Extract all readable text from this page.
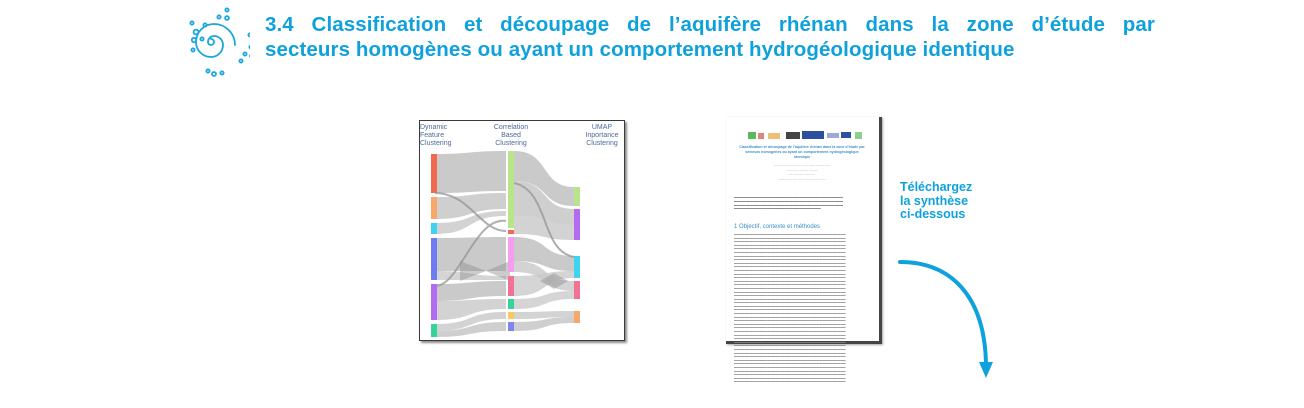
3.4 Classification et découpage de l’aquifère rhénan dans la zone d’étude par
secteurs homogènes ou ayant un comportement hydrogéologique identique
Dynamic
Feature
Clustering
Correlation
Based
Clustering
UMAP
Inportance
Clustering	Classification et découpage de l’aquifère rhénan dans la zone d’étude par secteurs homogènes ou ayant un comportement hydrogéologique identique
_____ ____ _____ ___ _____ ____ ______ ____
_____ ___ ______ ______
___ _______ ____ ___
_____ ____ ___ ____ ______ ____ ____
▬▬▬▬▬▬▬▬▬▬▬▬▬▬▬▬▬▬▬▬▬▬▬▬▬▬▬▬▬▬▬▬▬▬▬▬▬▬▬ ▬▬▬▬▬▬▬▬▬▬▬▬▬▬▬▬▬▬▬▬▬▬▬▬▬▬▬▬▬▬▬▬▬▬▬▬▬▬▬ ▬▬▬▬▬▬▬▬▬▬▬▬▬▬▬▬▬▬▬▬▬▬▬▬▬▬▬▬▬▬▬▬▬▬▬▬▬▬▬ ▬▬▬▬▬▬▬▬▬▬▬▬▬▬▬▬▬▬▬▬▬▬▬▬▬▬▬▬▬▬▬
1 Objectif, contexte et méthodes
▬▬▬▬▬▬▬▬▬▬▬▬▬▬▬▬▬▬▬▬▬▬▬▬▬▬▬▬▬▬▬▬▬▬▬▬▬▬▬▬▬▬▬ ▬▬▬▬▬▬▬▬▬▬▬▬▬▬▬▬▬▬▬▬▬▬▬▬▬▬▬▬▬▬▬▬▬▬▬▬▬▬▬▬▬▬▬ ▬▬▬▬▬▬▬▬▬▬▬▬▬▬▬▬▬▬▬▬▬▬▬▬▬▬▬▬▬▬▬▬▬▬▬▬▬▬▬▬▬▬▬ ▬▬▬▬▬▬▬▬▬▬▬▬▬▬▬▬▬▬▬▬▬▬▬▬▬▬▬▬▬▬▬▬▬▬▬▬▬▬▬▬▬▬▬ ▬▬▬▬▬▬▬▬▬▬▬▬▬▬▬▬▬▬▬▬▬▬▬▬▬▬▬▬▬▬▬▬▬▬▬▬▬▬▬▬▬▬▬ ▬▬▬▬▬▬▬▬▬▬▬▬▬▬▬▬▬▬▬▬▬▬▬▬▬▬▬▬▬▬▬▬▬▬▬▬▬▬▬▬▬▬▬ ▬▬▬▬▬▬▬▬▬▬▬▬▬▬▬▬▬▬▬▬▬▬▬▬▬▬▬▬▬▬▬▬▬▬▬▬▬▬▬▬▬▬▬ ▬▬▬▬▬▬▬▬▬▬▬▬▬▬▬▬▬▬▬▬▬▬▬▬▬▬▬▬▬▬▬▬▬▬▬▬▬▬▬▬▬▬▬ ▬▬▬▬▬▬▬▬▬▬▬▬▬▬▬▬▬▬▬▬▬▬▬▬▬▬▬▬▬▬▬▬▬▬▬▬▬▬▬▬▬▬▬ ▬▬▬▬▬▬▬▬▬▬▬▬▬▬▬▬▬▬▬▬▬▬▬▬▬▬▬▬▬▬▬▬▬▬▬▬▬▬▬▬▬▬▬ ▬▬▬▬▬▬▬▬▬▬▬▬▬▬▬▬▬▬▬▬▬▬▬▬▬▬▬▬▬▬▬▬▬▬▬▬▬▬▬▬▬▬▬ ▬▬▬▬▬▬▬▬▬▬▬▬▬▬▬▬▬▬▬▬▬▬▬▬▬▬▬▬▬▬▬▬▬▬▬▬▬▬▬▬▬▬▬ ▬▬▬▬▬▬▬▬▬▬▬▬▬▬▬▬▬▬▬▬▬▬▬▬▬▬▬▬▬▬▬▬▬▬▬▬▬▬▬▬▬▬▬ ▬▬▬▬▬▬▬▬▬▬▬▬▬▬▬▬▬▬▬▬▬▬▬▬▬▬▬▬▬▬▬▬▬▬▬▬▬▬▬▬▬▬▬ ▬▬▬▬▬▬▬▬▬▬▬▬▬▬▬▬▬▬▬▬▬▬▬▬▬▬▬▬▬▬▬▬▬▬▬▬▬▬▬▬▬▬▬ ▬▬▬▬▬▬▬▬▬▬▬▬▬▬▬▬▬▬▬▬▬▬▬▬▬▬▬▬▬▬▬▬▬▬▬▬▬▬▬▬▬▬▬ ▬▬▬▬▬▬▬▬▬▬▬▬▬▬▬▬▬▬▬▬▬▬▬▬▬▬▬▬▬▬▬▬▬▬▬▬▬▬▬▬▬▬▬ ▬▬▬▬▬▬▬▬▬▬▬▬▬▬▬▬▬▬▬▬▬▬▬▬▬▬▬▬▬▬▬▬▬▬▬▬▬▬▬▬▬▬▬ ▬▬▬▬▬▬▬▬▬▬▬▬▬▬▬▬▬▬▬▬▬▬▬▬▬▬▬▬▬▬▬▬▬▬▬▬▬▬▬▬▬▬▬ ▬▬▬▬▬▬▬▬▬▬▬▬▬▬▬▬▬▬▬▬▬▬▬▬▬▬▬▬▬▬▬▬▬▬▬▬▬▬▬▬▬▬▬ ▬▬▬▬▬▬▬▬▬▬▬▬▬▬▬▬▬▬▬▬▬▬▬▬▬▬▬▬▬▬▬▬▬▬▬▬▬▬▬▬▬▬▬ ▬▬▬▬▬▬▬▬▬▬▬▬▬▬▬▬▬▬▬▬▬▬▬▬▬▬▬▬▬▬▬▬▬▬▬▬▬▬▬▬▬▬▬ ▬▬▬▬▬▬▬▬▬▬▬▬▬▬▬▬▬▬▬▬▬▬▬▬▬▬▬▬▬▬▬▬▬▬▬▬▬▬▬▬▬▬▬ ▬▬▬▬▬▬▬▬▬▬▬▬▬▬▬▬▬▬▬▬▬▬▬▬▬▬▬▬▬▬▬▬▬▬▬▬▬▬▬▬▬▬▬ ▬▬▬▬▬▬▬▬▬▬▬▬▬▬▬▬▬▬▬▬▬▬▬▬▬▬▬▬▬▬▬▬▬▬▬▬▬▬▬▬▬▬▬ ▬▬▬▬▬▬▬▬▬▬▬▬▬▬▬▬▬▬▬▬▬▬▬▬▬▬▬▬▬▬▬▬▬▬▬▬▬▬▬▬▬▬▬ ▬▬▬▬▬▬▬▬▬▬▬▬▬▬▬▬▬▬▬▬▬▬▬▬▬▬▬▬▬▬▬▬▬▬▬▬▬▬▬▬▬▬▬ ▬▬▬▬▬▬▬▬▬▬▬▬▬▬▬▬▬▬▬▬▬▬▬▬▬▬▬▬▬▬▬▬▬▬▬▬▬▬▬▬▬▬▬ ▬▬▬▬▬▬▬▬▬▬▬▬▬▬▬▬▬▬▬▬▬▬▬▬▬▬▬▬▬▬▬▬▬▬▬▬▬▬▬▬▬▬▬ ▬▬▬▬▬▬▬▬▬▬▬▬▬▬▬▬▬▬▬▬▬▬▬▬▬▬▬▬▬▬▬▬▬▬▬▬▬▬▬▬▬▬▬ ▬▬▬▬▬▬▬▬▬▬▬▬▬▬▬▬▬▬▬▬▬▬▬▬▬▬▬▬▬▬▬▬▬▬▬▬▬▬▬▬▬▬▬ ▬▬▬▬▬▬▬▬▬▬▬▬▬▬▬▬▬▬▬▬▬▬▬▬▬▬▬▬▬▬▬▬▬▬▬▬▬▬▬▬▬▬▬ ▬▬▬▬▬▬▬▬▬▬▬▬▬▬▬▬▬▬▬▬▬▬▬▬▬▬▬▬▬▬▬▬▬▬▬▬▬▬▬▬▬▬▬ ▬▬▬▬▬▬▬▬▬▬▬▬▬▬▬▬▬▬▬▬▬▬▬▬▬▬▬▬▬▬▬▬▬▬▬▬▬▬▬▬▬▬▬ ▬▬▬▬▬▬▬▬▬▬▬▬▬▬▬▬▬▬▬▬▬▬▬▬▬▬▬▬▬▬▬▬▬▬▬▬▬▬▬▬▬▬▬ ▬▬▬▬▬▬▬▬▬▬▬▬▬▬▬▬▬▬▬▬▬▬▬▬▬▬▬▬▬▬▬▬▬▬▬▬▬▬▬▬▬▬▬ ▬▬▬▬▬▬▬▬▬▬▬▬▬▬▬▬▬▬▬▬▬▬▬▬▬▬▬▬▬▬▬▬▬▬▬▬▬▬▬▬▬▬▬ ▬▬▬▬▬▬▬▬▬▬▬▬▬▬▬▬▬▬▬▬▬▬▬▬▬▬▬▬▬▬▬▬▬▬▬▬▬▬▬▬▬▬▬ ▬▬▬▬▬▬▬▬▬▬▬▬▬▬▬▬▬▬▬▬▬▬▬▬▬▬▬▬▬▬▬▬▬▬▬▬▬▬▬▬▬▬▬ ▬▬▬▬▬▬▬▬▬▬▬▬▬▬▬▬▬▬▬▬▬▬▬▬▬▬▬▬▬▬▬▬▬▬▬▬▬▬▬▬▬▬▬ ▬▬▬▬▬▬▬▬▬▬▬▬▬▬▬▬▬▬▬▬▬▬▬▬▬▬▬▬▬▬▬▬▬▬▬▬▬▬▬▬▬▬▬ ▬▬▬▬▬▬▬▬▬▬▬▬▬▬▬▬▬▬▬▬▬▬▬▬▬▬▬▬▬▬▬▬▬▬▬▬▬▬▬▬▬▬▬
Téléchargez
la synthèse
ci-dessous
